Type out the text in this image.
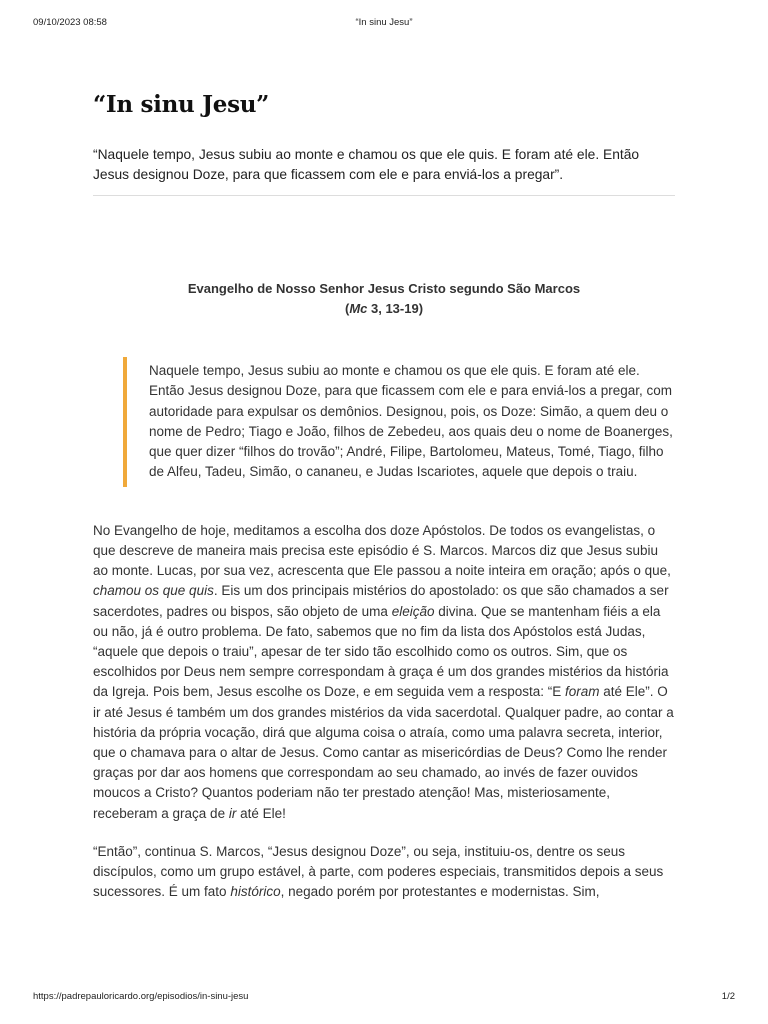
09/10/2023 08:58	“In sinu Jesu”
“In sinu Jesu”

“Naquele tempo, Jesus subiu ao monte e chamou os que ele quis. E foram até ele. Então Jesus designou Doze, para que ficassem com ele e para enviá-los a pregar”.

Evangelho de Nosso Senhor Jesus Cristo segundo São Marcos
(Mc 3, 13-19)
Naquele tempo, Jesus subiu ao monte e chamou os que ele quis. E foram até ele. Então Jesus designou Doze, para que ficassem com ele e para enviá-los a pregar, com autoridade para expulsar os demônios. Designou, pois, os Doze: Simão, a quem deu o nome de Pedro; Tiago e João, filhos de Zebedeu, aos quais deu o nome de Boanerges, que quer dizer “filhos do trovão”; André, Filipe, Bartolomeu, Mateus, Tomé, Tiago, filho de Alfeu, Tadeu, Simão, o cananeu, e Judas Iscariotes, aquele que depois o traiu.

No Evangelho de hoje, meditamos a escolha dos doze Apóstolos. De todos os evangelistas, o que descreve de maneira mais precisa este episódio é S. Marcos. Marcos diz que Jesus subiu ao monte. Lucas, por sua vez, acrescenta que Ele passou a noite inteira em oração; após o que, chamou os que quis. Eis um dos principais mistérios do apostolado: os que são chamados a ser sacerdotes, padres ou bispos, são objeto de uma eleição divina. Que se mantenham fiéis a ela ou não, já é outro problema. De fato, sabemos que no fim da lista dos Apóstolos está Judas, “aquele que depois o traiu”, apesar de ter sido tão escolhido como os outros. Sim, que os escolhidos por Deus nem sempre correspondam à graça é um dos grandes mistérios da história da Igreja. Pois bem, Jesus escolhe os Doze, e em seguida vem a resposta: “E foram até Ele”. O ir até Jesus é também um dos grandes mistérios da vida sacerdotal. Qualquer padre, ao contar a história da própria vocação, dirá que alguma coisa o atraía, como uma palavra secreta, interior, que o chamava para o altar de Jesus. Como cantar as misericórdias de Deus? Como lhe render graças por dar aos homens que correspondam ao seu chamado, ao invés de fazer ouvidos moucos a Cristo? Quantos poderiam não ter prestado atenção! Mas, misteriosamente, receberam a graça de ir até Ele!

“Então”, continua S. Marcos, “Jesus designou Doze”, ou seja, instituiu-os, dentre os seus discípulos, como um grupo estável, à parte, com poderes especiais, transmitidos depois a seus sucessores. É um fato histórico, negado porém por protestantes e modernistas. Sim,

https://padrepauloricardo.org/episodios/in-sinu-jesu	1/2
